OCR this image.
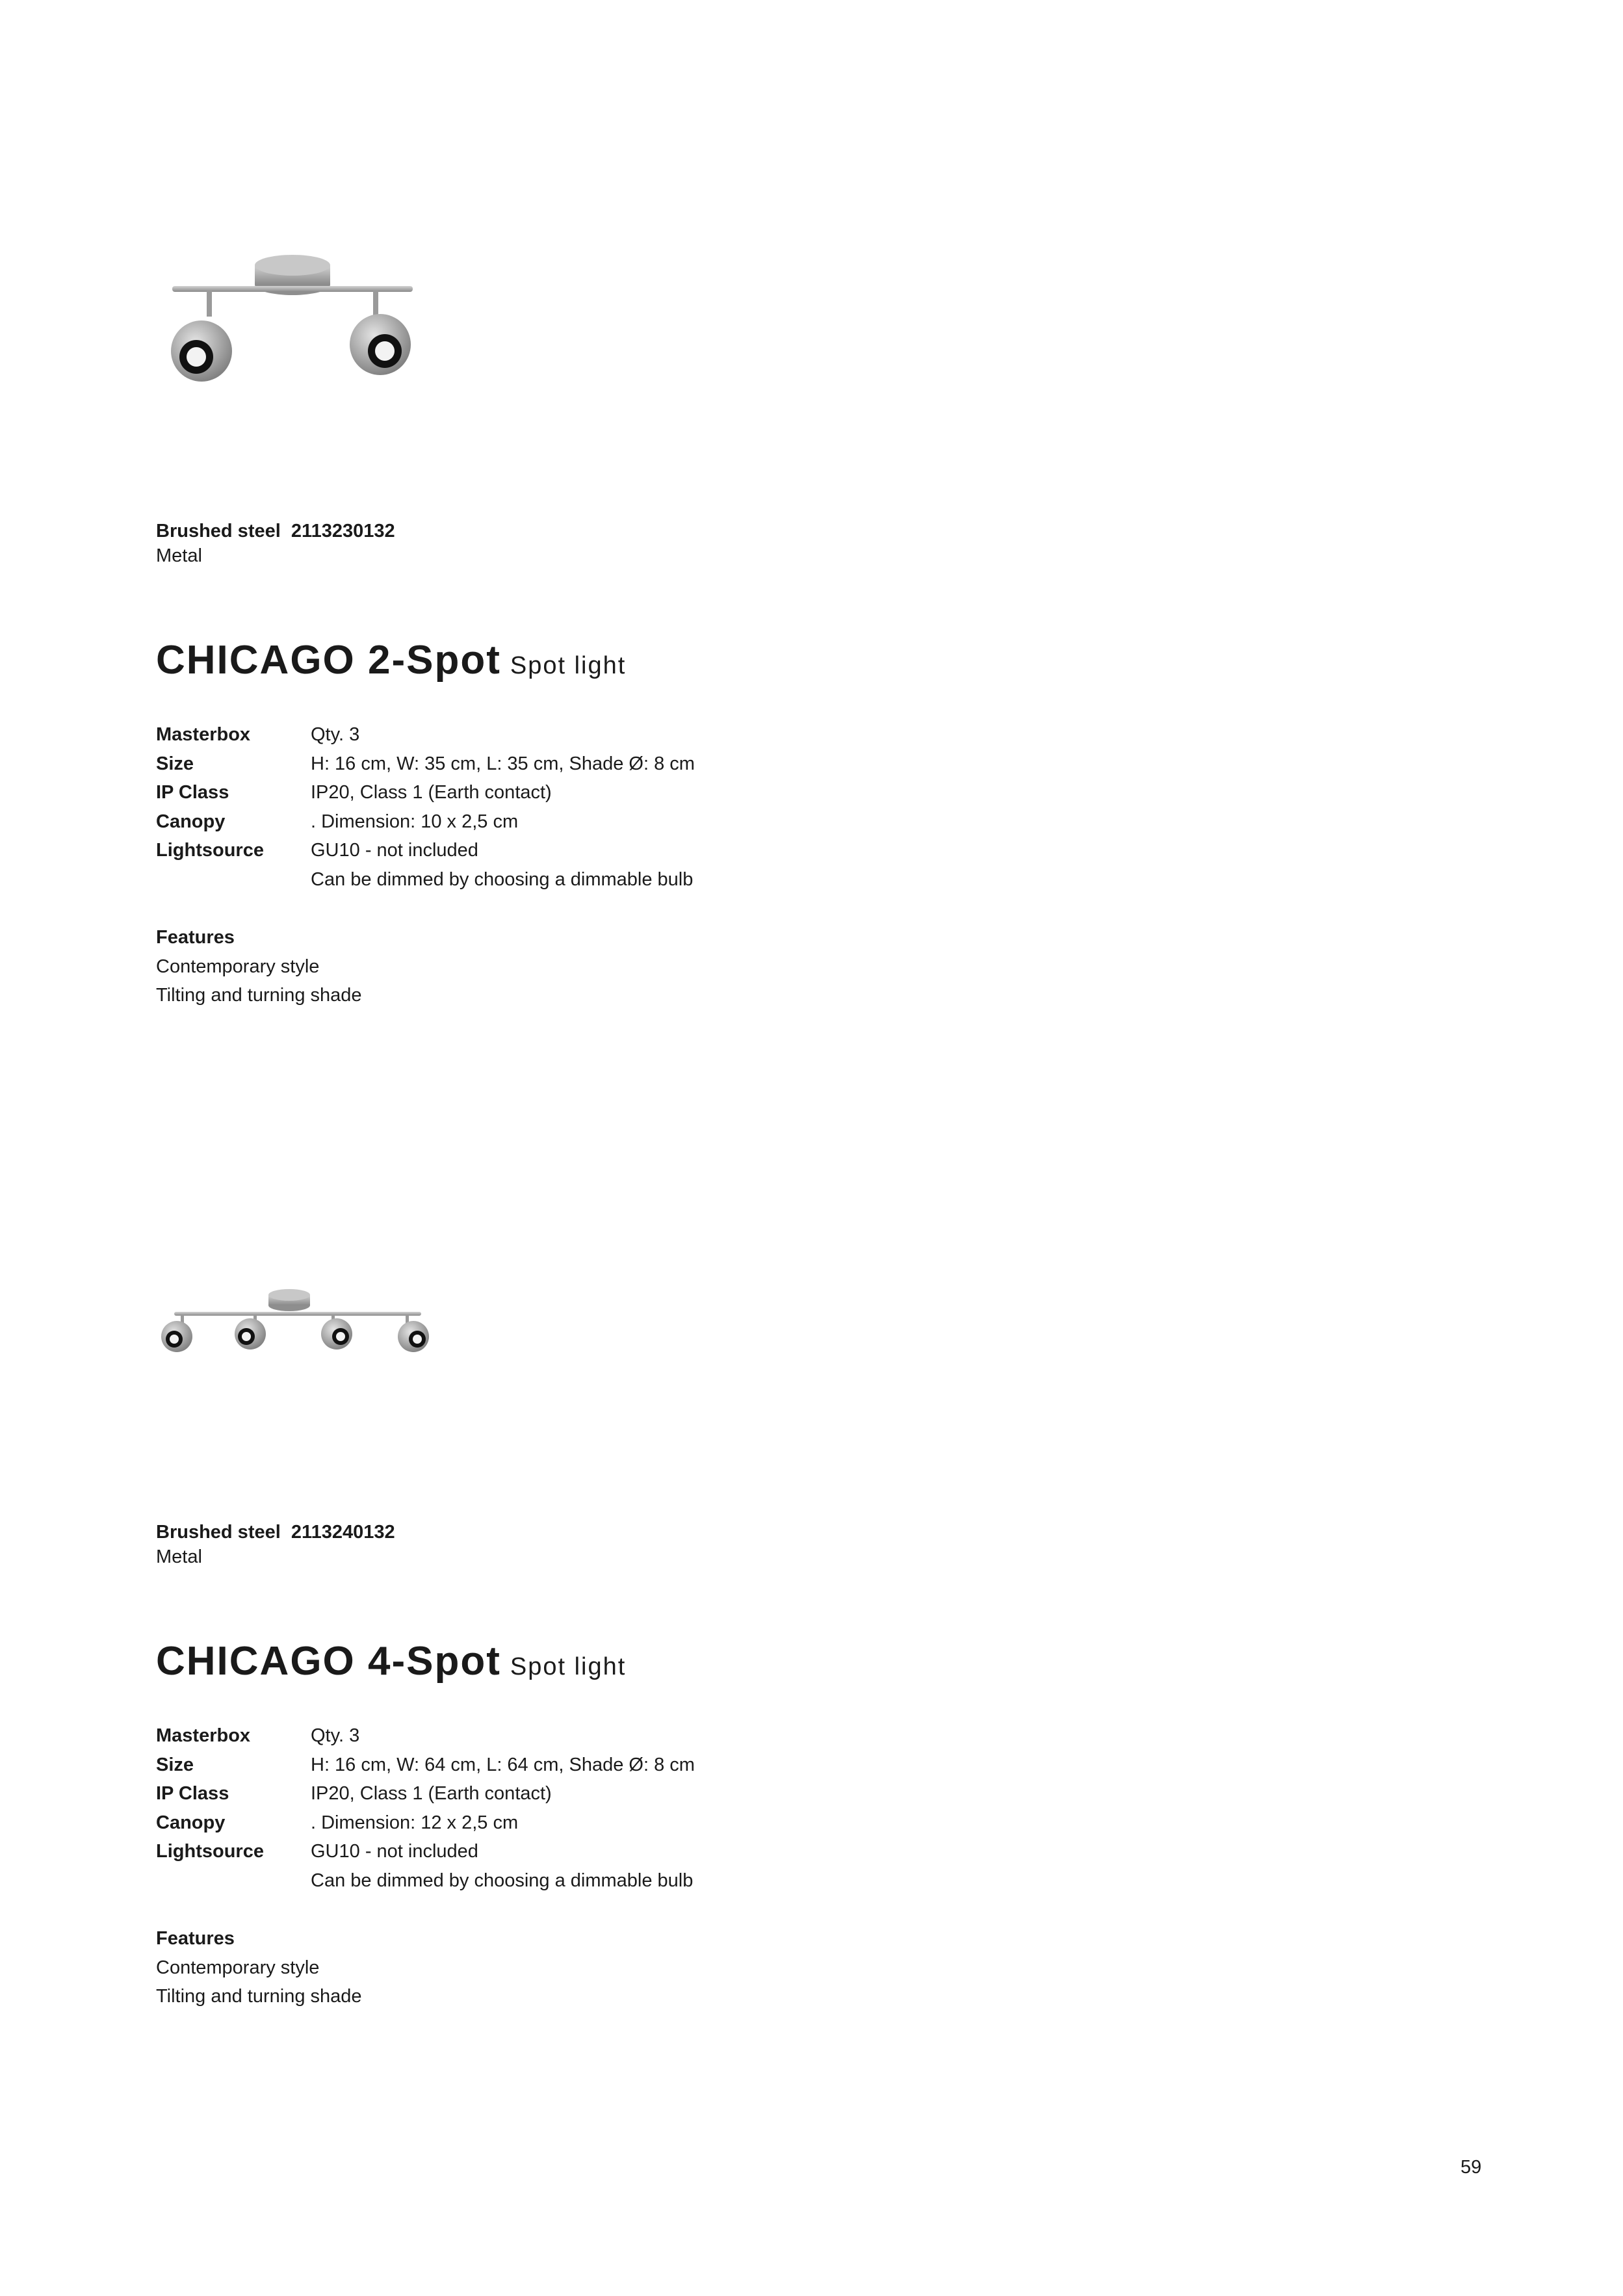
Brushed steel 2113230132
Metal
CHICAGO 2-Spot Spot light
Masterbox	Qty. 3
Size	H: 16 cm, W: 35 cm, L: 35 cm, Shade Ø: 8 cm
IP Class	IP20, Class 1 (Earth contact)
Canopy	. Dimension: 10 x 2,5 cm
Lightsource	GU10 - not included
Can be dimmed by choosing a dimmable bulb
Features
Contemporary style
Tilting and turning shade
Brushed steel 2113240132
Metal
CHICAGO 4-Spot Spot light
Masterbox	Qty. 3
Size	H: 16 cm, W: 64 cm, L: 64 cm, Shade Ø: 8 cm
IP Class	IP20, Class 1 (Earth contact)
Canopy	. Dimension: 12 x 2,5 cm
Lightsource	GU10 - not included
Can be dimmed by choosing a dimmable bulb
Features
Contemporary style
Tilting and turning shade
59
